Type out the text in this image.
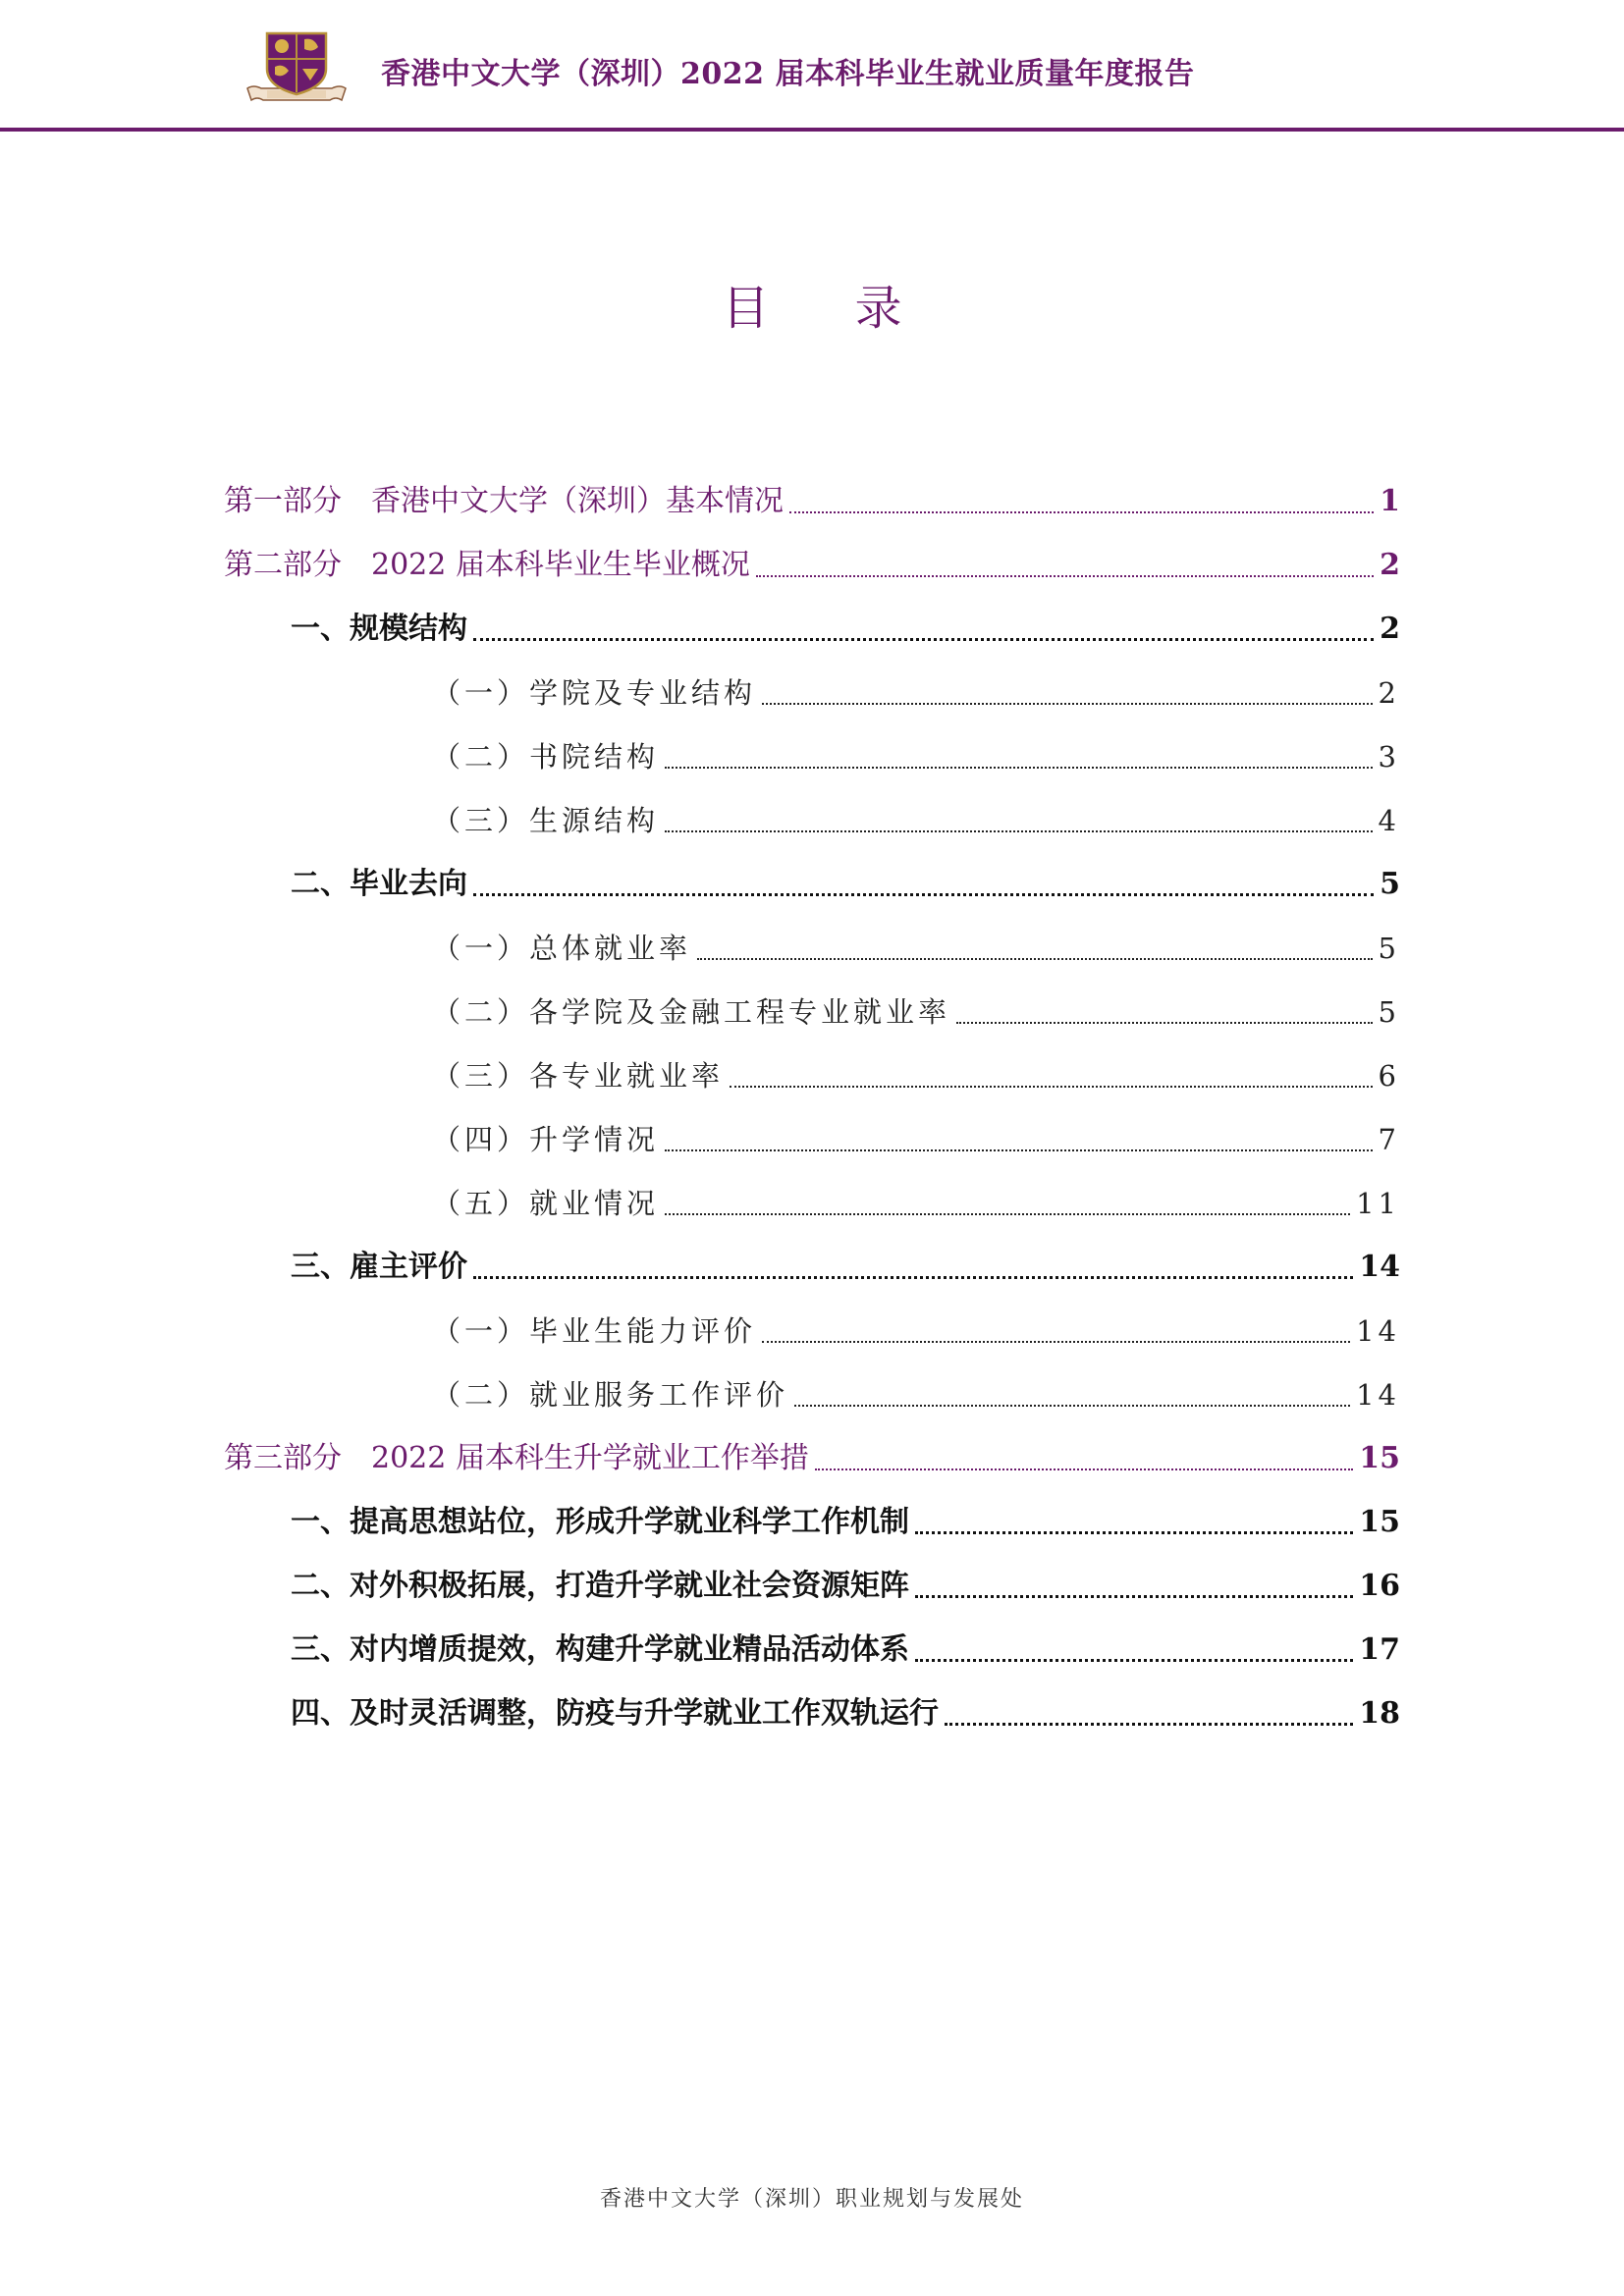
香港中文大学（深圳）2022 届本科毕业生就业质量年度报告
目 录
第一部分　香港中文大学（深圳）基本情况	1
第二部分　2022 届本科毕业生毕业概况	2
一、规模结构	2
（一）学院及专业结构	2
（二）书院结构	3
（三）生源结构	4
二、毕业去向	5
（一）总体就业率	5
（二）各学院及金融工程专业就业率	5
（三）各专业就业率	6
（四）升学情况	7
（五）就业情况	11
三、雇主评价	14
（一）毕业生能力评价	14
（二）就业服务工作评价	14
第三部分　2022 届本科生升学就业工作举措	15
一、提高思想站位，形成升学就业科学工作机制	15
二、对外积极拓展，打造升学就业社会资源矩阵	16
三、对内增质提效，构建升学就业精品活动体系	17
四、及时灵活调整，防疫与升学就业工作双轨运行	18
香港中文大学（深圳）职业规划与发展处
